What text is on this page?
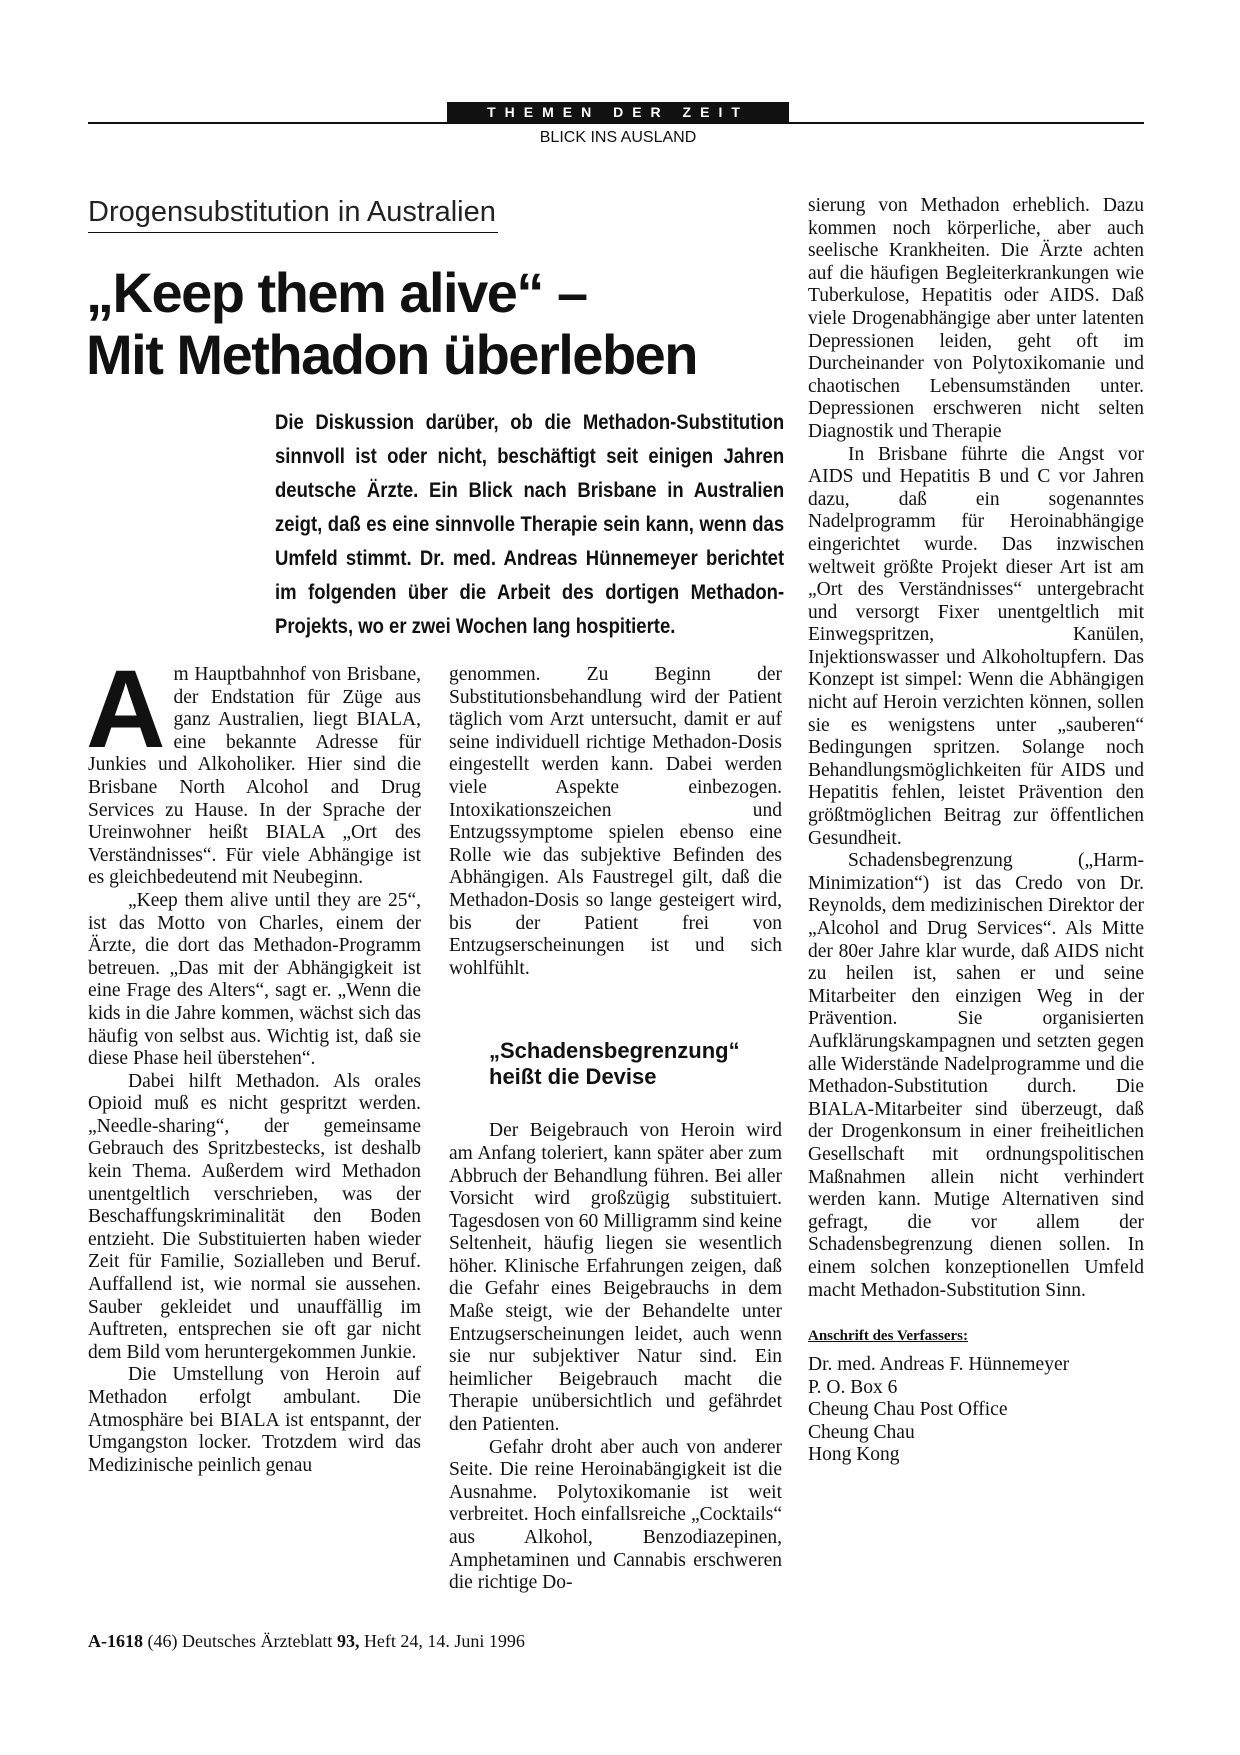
THEMEN DER ZEIT
BLICK INS AUSLAND
Drogensubstitution in Australien
„Keep them alive“ –
Mit Methadon überleben

Die Diskussion darüber, ob die Methadon-Substitution sinnvoll ist oder nicht, beschäftigt seit einigen Jahren deutsche Ärzte. Ein Blick nach Brisbane in Australien zeigt, daß es eine sinnvolle Therapie sein kann, wenn das Umfeld stimmt. Dr. med. Andreas Hünnemeyer berichtet im folgenden über die Arbeit des dortigen Methadon-Projekts, wo er zwei Wochen lang hospitierte.

A m Hauptbahnhof von Brisbane, der Endstation für Züge aus ganz Australien, liegt BIALA, eine bekannte Adresse für Junkies und Alkoholiker. Hier sind die Brisbane North Alcohol and Drug Services zu Hause. In der Sprache der Ureinwohner heißt BIALA „Ort des Verständnisses“. Für viele Abhängige ist es gleichbedeutend mit Neubeginn.

„Keep them alive until they are 25“, ist das Motto von Charles, einem der Ärzte, die dort das Methadon-Programm betreuen. „Das mit der Abhängigkeit ist eine Frage des Alters“, sagt er. „Wenn die kids in die Jahre kommen, wächst sich das häufig von selbst aus. Wichtig ist, daß sie diese Phase heil überstehen“.

Dabei hilft Methadon. Als orales Opioid muß es nicht gespritzt werden. „Needle-sharing“, der gemeinsame Gebrauch des Spritzbestecks, ist deshalb kein Thema. Außerdem wird Methadon unentgeltlich verschrieben, was der Beschaffungskriminalität den Boden entzieht. Die Substituierten haben wieder Zeit für Familie, Sozialleben und Beruf. Auffallend ist, wie normal sie aussehen. Sauber gekleidet und unauffällig im Auftreten, entsprechen sie oft gar nicht dem Bild vom heruntergekommen Junkie.

Die Umstellung von Heroin auf Methadon erfolgt ambulant. Die Atmosphäre bei BIALA ist entspannt, der Umgangston locker. Trotzdem wird das Medizinische peinlich genau

genommen. Zu Beginn der Substitutionsbehandlung wird der Patient täglich vom Arzt untersucht, damit er auf seine individuell richtige Methadon-Dosis eingestellt werden kann. Dabei werden viele Aspekte einbezogen. Intoxikationszeichen und Entzugssymptome spielen ebenso eine Rolle wie das subjektive Befinden des Abhängigen. Als Faustregel gilt, daß die Methadon-Dosis so lange gesteigert wird, bis der Patient frei von Entzugserscheinungen ist und sich wohlfühlt.

„Schadensbegrenzung“

heißt die Devise

Der Beigebrauch von Heroin wird am Anfang toleriert, kann später aber zum Abbruch der Behandlung führen. Bei aller Vorsicht wird großzügig substituiert. Tagesdosen von 60 Milligramm sind keine Seltenheit, häufig liegen sie wesentlich höher. Klinische Erfahrungen zeigen, daß die Gefahr eines Beigebrauchs in dem Maße steigt, wie der Behandelte unter Entzugserscheinungen leidet, auch wenn sie nur subjektiver Natur sind. Ein heimlicher Beigebrauch macht die Therapie unübersichtlich und gefährdet den Patienten.

Gefahr droht aber auch von anderer Seite. Die reine Heroinabängigkeit ist die Ausnahme. Polytoxikomanie ist weit verbreitet. Hoch einfallsreiche „Cocktails“ aus Alkohol, Benzodiazepinen, Amphetaminen und Cannabis erschweren die richtige Do-

sierung von Methadon erheblich. Dazu kommen noch körperliche, aber auch seelische Krankheiten. Die Ärzte achten auf die häufigen Begleiterkrankungen wie Tuberkulose, Hepatitis oder AIDS. Daß viele Drogenabhängige aber unter latenten Depressionen leiden, geht oft im Durcheinander von Polytoxikomanie und chaotischen Lebensumständen unter. Depressionen erschweren nicht selten Diagnostik und Therapie

In Brisbane führte die Angst vor AIDS und Hepatitis B und C vor Jahren dazu, daß ein sogenanntes Nadelprogramm für Heroinabhängige eingerichtet wurde. Das inzwischen weltweit größte Projekt dieser Art ist am „Ort des Verständnisses“ untergebracht und versorgt Fixer unentgeltlich mit Einwegspritzen, Kanülen, Injektionswasser und Alkoholtupfern. Das Konzept ist simpel: Wenn die Abhängigen nicht auf Heroin verzichten können, sollen sie es wenigstens unter „sauberen“ Bedingungen spritzen. Solange noch Behandlungsmöglichkeiten für AIDS und Hepatitis fehlen, leistet Prävention den größtmöglichen Beitrag zur öffentlichen Gesundheit.

Schadensbegrenzung („Harm-Minimization“) ist das Credo von Dr. Reynolds, dem medizinischen Direktor der „Alcohol and Drug Services“. Als Mitte der 80er Jahre klar wurde, daß AIDS nicht zu heilen ist, sahen er und seine Mitarbeiter den einzigen Weg in der Prävention. Sie organisierten Aufklärungskampagnen und setzten gegen alle Widerstände Nadelprogramme und die Methadon-Substitution durch. Die BIALA-Mitarbeiter sind überzeugt, daß der Drogenkonsum in einer freiheitlichen Gesellschaft mit ordnungspolitischen Maßnahmen allein nicht verhindert werden kann. Mutige Alternativen sind gefragt, die vor allem der Schadensbegrenzung dienen sollen. In einem solchen konzeptionellen Umfeld macht Methadon-Substitution Sinn.

Anschrift des Verfassers:
Dr. med. Andreas F. Hünnemeyer
P. O. Box 6
Cheung Chau Post Office
Cheung Chau
Hong Kong
A-1618 (46) Deutsches Ärzteblatt 93, Heft 24, 14. Juni 1996
